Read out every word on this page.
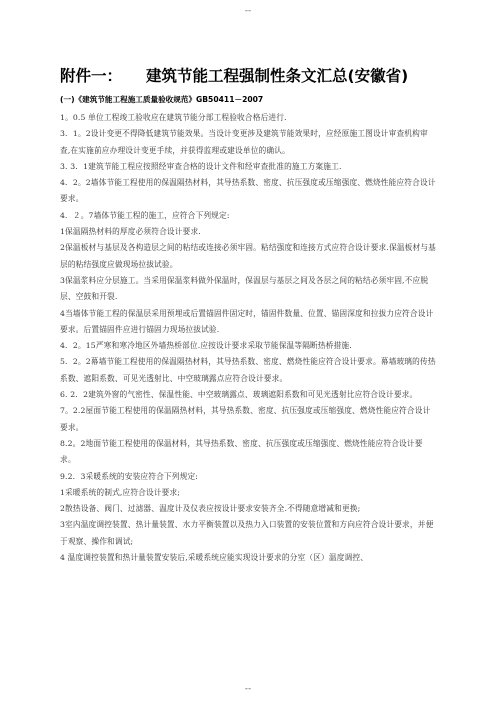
--
附件一： 建筑节能工程强制性条文汇总(安徽省)
(一)《建筑节能工程施工质量验收规范》GB50411－2007

1。0.5 单位工程竣工验收应在建筑节能分部工程验收合格后进行.

3．1。2设计变更不得降低建筑节能效果。当设计变更涉及建筑节能效果时，应经原施工图设计审查机构审查,在实施前应办理设计变更手续，并获得监理或建设单位的确认。

3. 3．1建筑节能工程应按照经审查合格的设计文件和经审查批准的施工方案施工.

4．2。2墙体节能工程使用的保温隔热材料，其导热系数、密度、抗压强度或压缩强度、燃烧性能应符合设计要求。

4．２。7墙体节能工程的施工，应符合下列规定:

1保温隔热材料的厚度必须符合设计要求.

2保温板材与基层及各构造层之间的粘结或连接必须牢固。粘结强度和连接方式应符合设计要求.保温板材与基层的粘结强度应做现场拉拔试验。

3保温浆料应分层施工。当采用保温浆料做外保温时，保温层与基层之间及各层之间的粘结必须牢固,不应脱层、空鼓和开裂.

4当墙体节能工程的保温层采用预埋或后置锚固件固定时，锚固件数量、位置、锚固深度和拉拔力应符合设计要求。后置锚固件应进行锚固力现场拉拔试验.

4．2。15严寒和寒冷地区外墙热桥部位.应按设计要求采取节能保温等隔断热桥措施.

5．2。2幕墙节能工程使用的保温隔热材料，其导热系数、密度、燃烧性能应符合设计要求。幕墙玻璃的传热系数、遮阳系数、可见光透射比、中空玻璃露点应符合设计要求。

6. 2．2建筑外窗的气密性、保温性能、中空玻璃露点、玻璃遮阳系数和可见光透射比应符合设计要求。

7。2.2屋面节能工程使用的保温隔热材料，其导热系数、密度、抗压强度或压缩强度、燃烧性能应符合设计要求。

8.2。2地面节能工程使用的保温材料，其导热系数、密度、抗压强度或压缩强度、燃烧性能应符合设计要求。

9.2．3采暖系统的安装应符合下列规定:

1采暖系统的制式,应符合设计要求;

2散热设备、阀门、过滤器、温度计及仪表应按设计要求安装齐全.不得随意增减和更换;

3室内温度调控装置、热计量装置、水力平衡装置以及热力入口装置的安装位置和方向应符合设计要求，并便于观察、操作和调试;

4 温度调控装置和热计量装置安装后,采暖系统应能实现设计要求的分室（区）温度调控、

--
